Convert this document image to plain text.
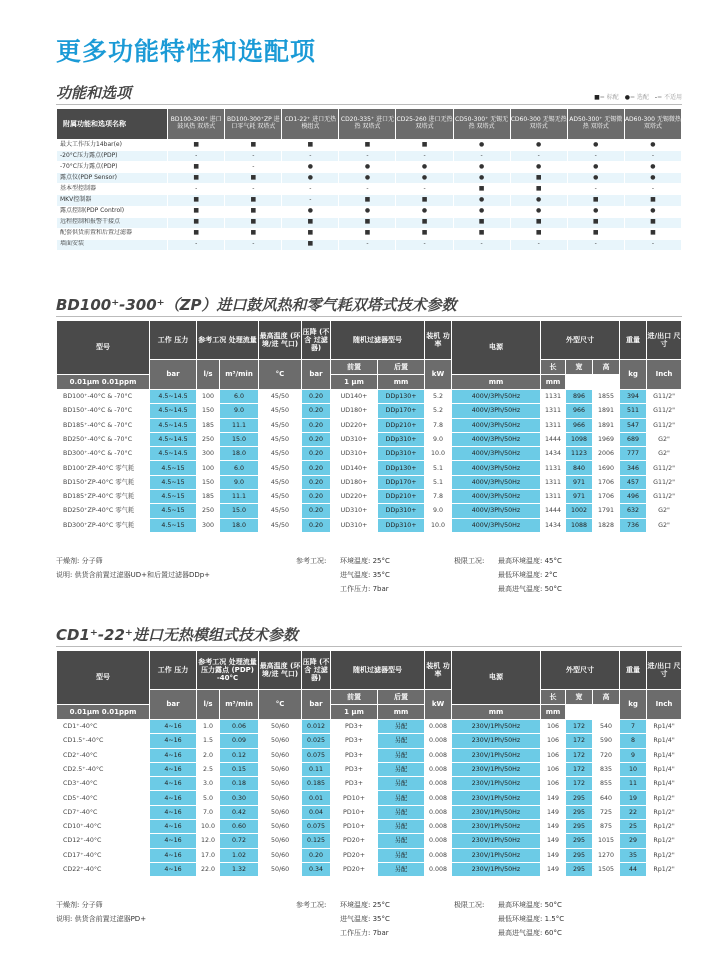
更多功能特性和选配项
功能和选项	■= 标配 ●= 选配 -= 不适用
附属功能和选项名称	BD100-300⁺ 进口鼓风热 双塔式	BD100-300⁺ZP 进口零气耗 双塔式	CD1-22⁺ 进口无热 模组式	CD20-335⁺ 进口无热 双塔式	CD25-260 进口无热 双塔式	CD50-300⁺ 无锡无热 双塔式	CD60-300 无锡无热 双塔式	AD50-300⁺ 无锡微热 双塔式	AD60-300 无锡微热 双塔式
最大工作压力14bar(e)	■	■	■	■	■	●	●	●	●
-20°C压力露点(PDP)	-	-	-	-	-	-	-	-	-
-70°C压力露点(PDP)	■	-	●	●	●	●	●	●	●
露点仪(PDP Sensor)	■	■	●	●	●	●	■	●	●
基本型控制器	-	-	-	-	-	■	■	-	-
MKV控制器	■	■	-	■	■	●	●	■	■
露点控制(PDP Control)	■	■	●	●	●	●	●	●	●
远程控制和报警干接点	■	■	■	■	■	■	■	■	■
配套供货前置和后置过滤器	■	■	■	■	■	■	■	■	■
墙面安装	-	-	■	-	-	-	-	-	-
BD100⁺-300⁺（ZP）进口鼓风热和零气耗双塔式技术参数
型号	工作 压力	参考工况 处理流量		最高温度 (环境/进 气口)	压降 (不含 过滤器)	随机过滤器型号		装机 功率	电源	外型尺寸			重量	进/出口 尺寸
	bar	l/s	m³/min	°C	bar	前置	后置	kW		长	宽	高	kg	Inch
0.01μm 0.01ppm						1 μm	mm		mm	mm				
BD100⁺-40°C & -70°C	4.5~14.5	100	6.0	45/50	0.20	UD140+	DDp130+	5.2	400V/3Ph/50Hz	1131	896	1855	394	G11/2"
BD150⁺-40°C & -70°C	4.5~14.5	150	9.0	45/50	0.20	UD180+	DDp170+	5.2	400V/3Ph/50Hz	1311	966	1891	511	G11/2"
BD185⁺-40°C & -70°C	4.5~14.5	185	11.1	45/50	0.20	UD220+	DDp210+	7.8	400V/3Ph/50Hz	1311	966	1891	547	G11/2"
BD250⁺-40°C & -70°C	4.5~14.5	250	15.0	45/50	0.20	UD310+	DDp310+	9.0	400V/3Ph/50Hz	1444	1098	1969	689	G2"
BD300⁺-40°C & -70°C	4.5~14.5	300	18.0	45/50	0.20	UD310+	DDp310+	10.0	400V/3Ph/50Hz	1434	1123	2006	777	G2"
BD100⁺ZP-40°C 零气耗	4.5~15	100	6.0	45/50	0.20	UD140+	DDp130+	5.1	400V/3Ph/50Hz	1131	840	1690	346	G11/2"
BD150⁺ZP-40°C 零气耗	4.5~15	150	9.0	45/50	0.20	UD180+	DDp170+	5.1	400V/3Ph/50Hz	1311	971	1706	457	G11/2"
BD185⁺ZP-40°C 零气耗	4.5~15	185	11.1	45/50	0.20	UD220+	DDp210+	7.8	400V/3Ph/50Hz	1311	971	1706	496	G11/2"
BD250⁺ZP-40°C 零气耗	4.5~15	250	15.0	45/50	0.20	UD310+	DDp310+	9.0	400V/3Ph/50Hz	1444	1002	1791	632	G2"
BD300⁺ZP-40°C 零气耗	4.5~15	300	18.0	45/50	0.20	UD310+	DDp310+	10.0	400V/3Ph/50Hz	1434	1088	1828	736	G2"
干燥剂: 分子筛
说明: 供货含前置过滤器UD+和后置过滤器DDp+
参考工况: 环境温度: 25°C
进气温度: 35°C
工作压力: 7bar
极限工况: 最高环境温度: 45°C
最低环境温度: 2°C
最高进气温度: 50°C
CD1⁺-22⁺进口无热模组式技术参数
型号	工作 压力	参考工况 处理流量 压力露点 (PDP) -40°C		最高温度 (环境/进 气口)	压降 (不含 过滤器)	随机过滤器型号		装机 功率	电源	外型尺寸			重量	进/出口 尺寸
	bar	l/s	m³/min	°C	bar	前置	后置	kW		长	宽	高	kg	Inch
0.01μm 0.01ppm						1 μm	mm		mm	mm				
CD1⁺-40°C	4~16	1.0	0.06	50/60	0.012	PD3+	另配	0.008	230V/1Ph/50Hz	106	172	540	7	Rp1/4"
CD1.5⁺-40°C	4~16	1.5	0.09	50/60	0.025	PD3+	另配	0.008	230V/1Ph/50Hz	106	172	590	8	Rp1/4"
CD2⁺-40°C	4~16	2.0	0.12	50/60	0.075	PD3+	另配	0.008	230V/1Ph/50Hz	106	172	720	9	Rp1/4"
CD2.5⁺-40°C	4~16	2.5	0.15	50/60	0.11	PD3+	另配	0.008	230V/1Ph/50Hz	106	172	835	10	Rp1/4"
CD3⁺-40°C	4~16	3.0	0.18	50/60	0.185	PD3+	另配	0.008	230V/1Ph/50Hz	106	172	855	11	Rp1/4"
CD5⁺-40°C	4~16	5.0	0.30	50/60	0.01	PD10+	另配	0.008	230V/1Ph/50Hz	149	295	640	19	Rp1/2"
CD7⁺-40°C	4~16	7.0	0.42	50/60	0.04	PD10+	另配	0.008	230V/1Ph/50Hz	149	295	725	22	Rp1/2"
CD10⁺-40°C	4~16	10.0	0.60	50/60	0.075	PD10+	另配	0.008	230V/1Ph/50Hz	149	295	875	25	Rp1/2"
CD12⁺-40°C	4~16	12.0	0.72	50/60	0.125	PD20+	另配	0.008	230V/1Ph/50Hz	149	295	1015	29	Rp1/2"
CD17⁺-40°C	4~16	17.0	1.02	50/60	0.20	PD20+	另配	0.008	230V/1Ph/50Hz	149	295	1270	35	Rp1/2"
CD22⁺-40°C	4~16	22.0	1.32	50/60	0.34	PD20+	另配	0.008	230V/1Ph/50Hz	149	295	1505	44	Rp1/2"
干燥剂: 分子筛
说明: 供货含前置过滤器PD+
参考工况: 环境温度: 25°C
进气温度: 35°C
工作压力: 7bar
极限工况: 最高环境温度: 50°C
最低环境温度: 1.5°C
最高进气温度: 60°C
